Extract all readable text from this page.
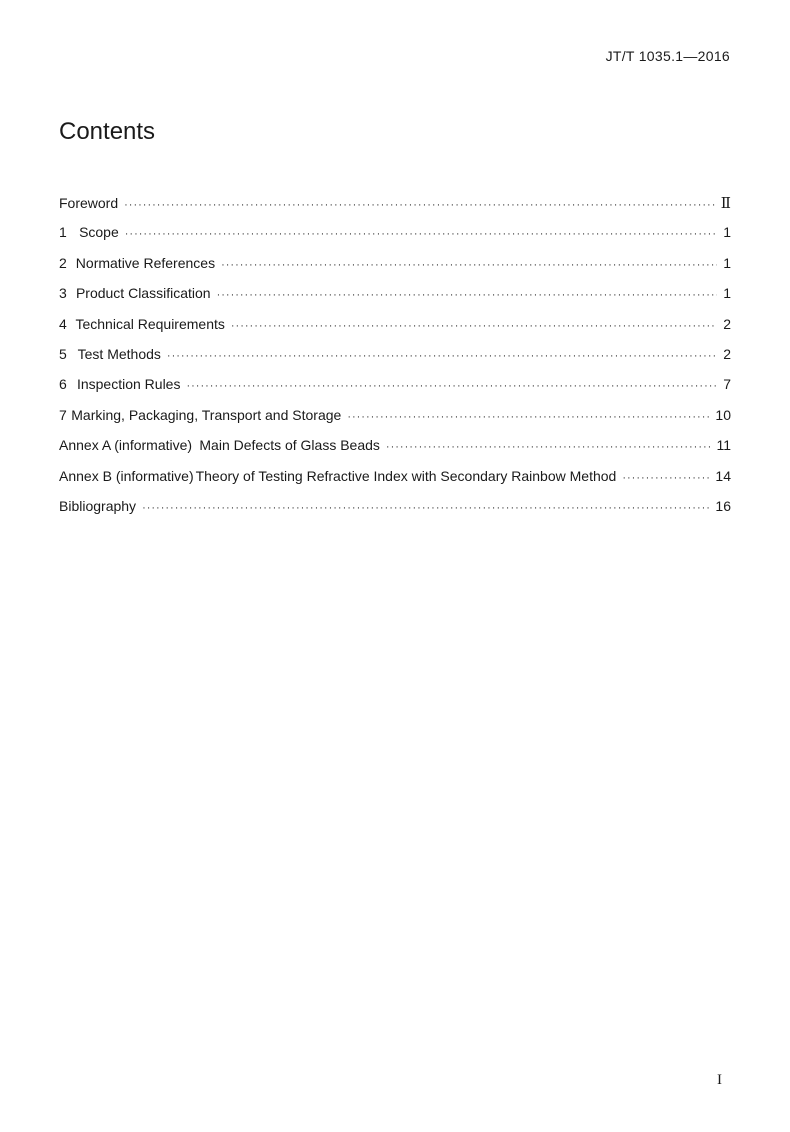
JT/T 1035.1—2016
Contents
Foreword ·····	Ⅱ
1 Scope ·····	1
2 Normative References ·····	1
3 Product Classification ·····	1
4 Technical Requirements ·····	2
5 Test Methods ·····	2
6 Inspection Rules ·····	7
7 Marking, Packaging, Transport and Storage ·····	10
Annex A (informative) Main Defects of Glass Beads ·····	11
Annex B (informative) Theory of Testing Refractive Index with Secondary Rainbow Method ·····	14
Bibliography ·····	16
I
